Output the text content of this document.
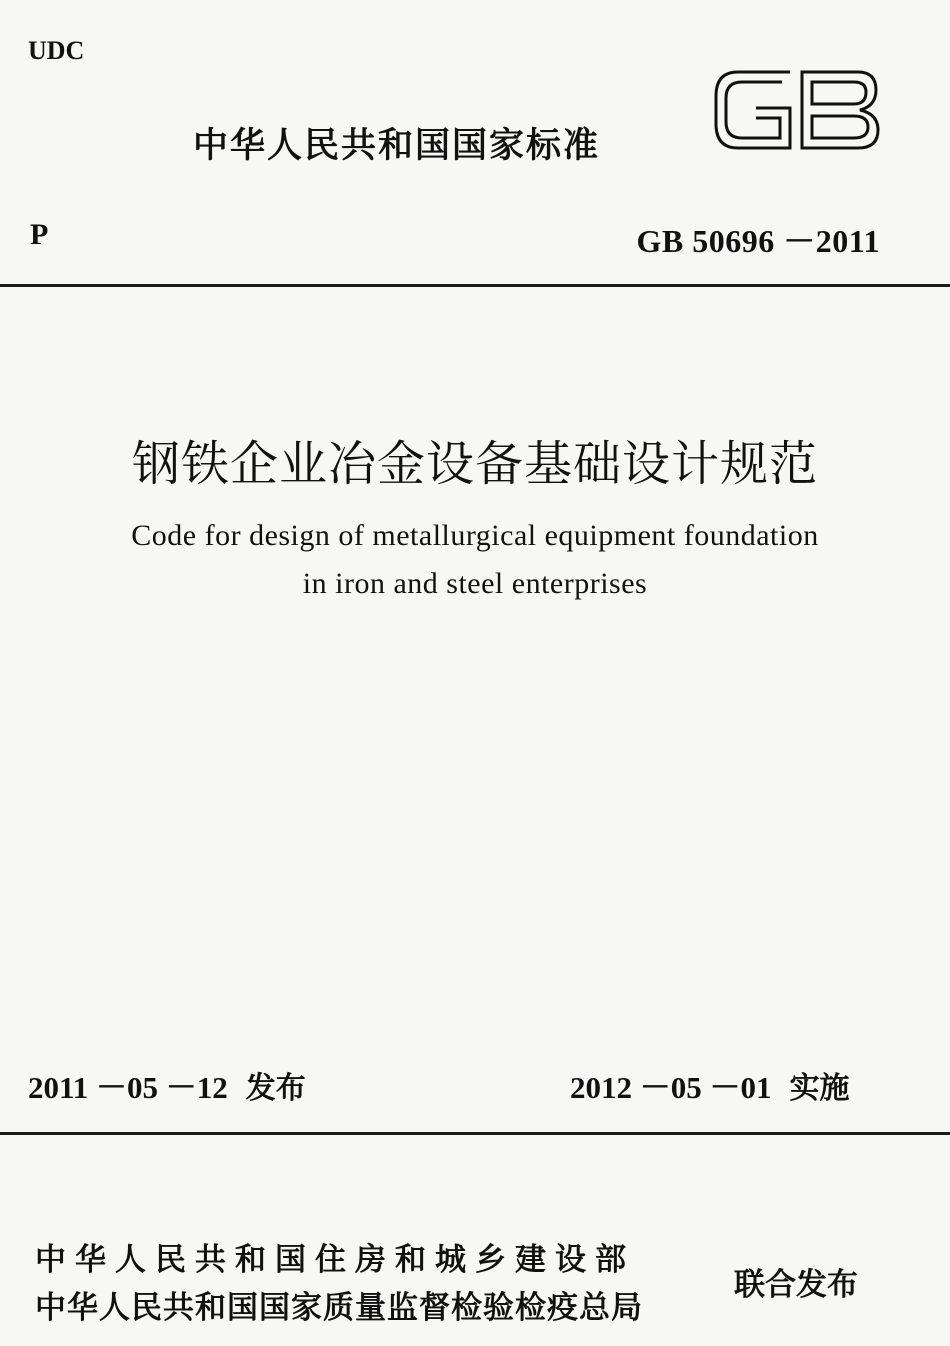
UDC
中华人民共和国国家标准
P	GB 50696 －2011
钢铁企业冶金设备基础设计规范
Code for design of metallurgical equipment foundation
in iron and steel enterprises
2011 －05 －12 发布	2012 －05 －01 实施
中华人民共和国住房和城乡建设部
中华人民共和国国家质量监督检验检疫总局
联合发布
